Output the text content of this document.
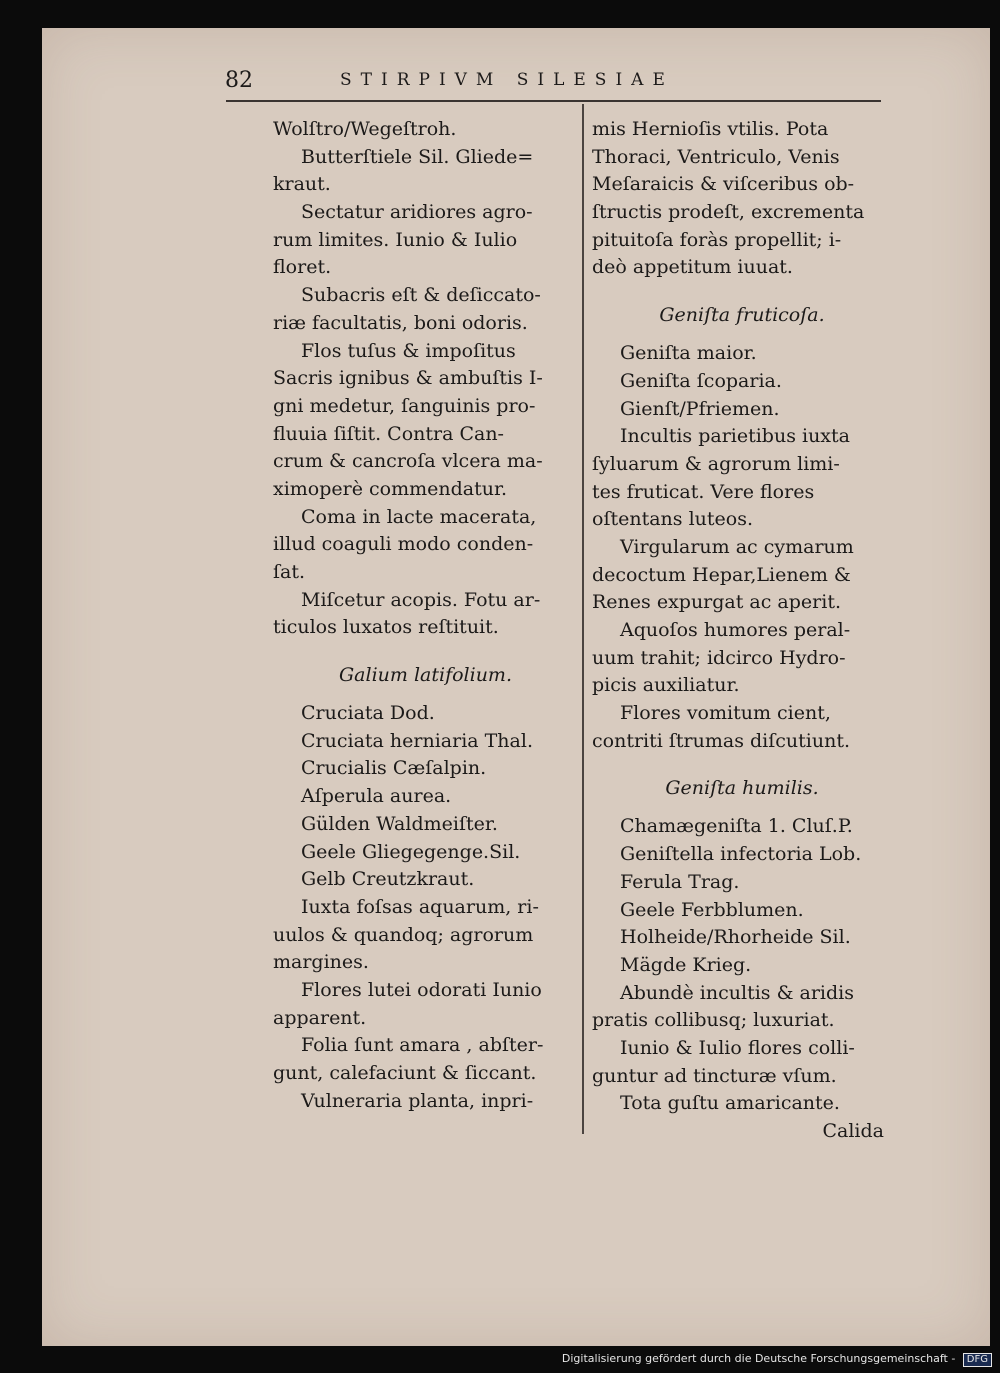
82	STIRPIVM SILESIAE
Wolſtro/Wegeſtroh.
Butterſtiele Sil. Gliede=
kraut.
Sectatur aridiores agro-
rum limites. Iunio & Iulio
floret.
Subacris eſt & deſiccato-
riæ facultatis, boni odoris.
Flos tuſus & impoſitus
Sacris ignibus & ambuſtis I-
gni medetur, ſanguinis pro-
fluuia ſiſtit. Contra Can-
crum & cancroſa vlcera ma-
ximoperè commendatur.
Coma in lacte macerata,
illud coaguli modo conden-
ſat.
Miſcetur acopis. Fotu ar-
ticulos luxatos reſtituit.
Galium latifolium.
Cruciata Dod.
Cruciata herniaria Thal.
Crucialis Cæſalpin.
Aſperula aurea.
Gülden Waldmeiſter.
Geele Gliegegenge.Sil.
Gelb Creutzkraut.
Iuxta foſsas aquarum, ri-
uulos & quandoq; agrorum
margines.
Flores lutei odorati Iunio
apparent.
Folia ſunt amara , abſter-
gunt, calefaciunt & ſiccant.
Vulneraria planta, inpri-
mis Hernioſis vtilis. Pota
Thoraci, Ventriculo, Venis
Meſaraicis & viſceribus ob-
ſtructis prodeſt, excrementa
pituitoſa foràs propellit; i-
deò appetitum iuuat.
Geniſta fruticoſa.
Geniſta maior.
Geniſta ſcoparia.
Gienſt/Pfriemen.
Incultis parietibus iuxta
ſyluarum & agrorum limi-
tes fruticat. Vere flores
oſtentans luteos.
Virgularum ac cymarum
decoctum Hepar,Lienem &
Renes expurgat ac aperit.
Aquoſos humores peral-
uum trahit; idcirco Hydro-
picis auxiliatur.
Flores vomitum cient,
contriti ſtrumas diſcutiunt.
Geniſta humilis.
Chamægeniſta 1. Cluſ.P.
Geniſtella infectoria Lob.
Ferula Trag.
Geele Ferbblumen.
Holheide/Rhorheide Sil.
Mägde Krieg.
Abundè incultis & aridis
pratis collibusq; luxuriat.
Iunio & Iulio flores colli-
guntur ad tincturæ vſum.
Tota guſtu amaricante.
Calida
Digitalisierung gefördert durch die Deutsche Forschungsgemeinschaft - DFG
